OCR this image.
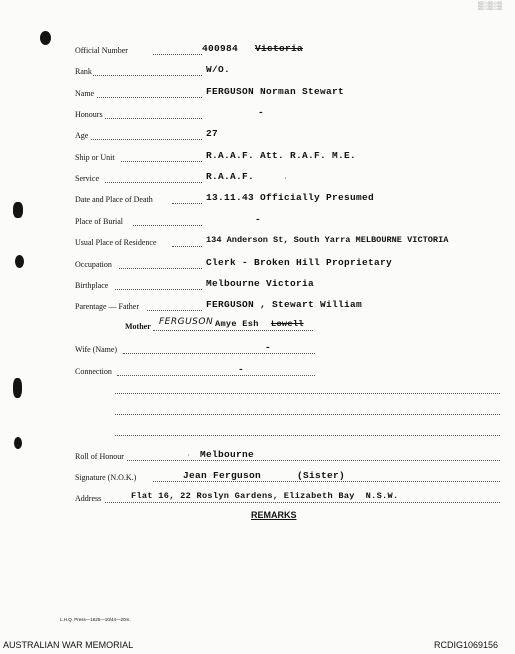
▒░▒░▒
Official Number	400984 Victoria
Rank	W/O.
Name	FERGUSON Norman Stewart
Honours	-
Age	27
Ship or Unit	R.A.A.F. Att. R.A.F. M.E.
Service	R.A.A.F.
Date and Place of Death	13.11.43 Officially Presumed
Place of Burial	-
Usual Place of Residence	134 Anderson St, South Yarra MELBOURNE VICTORIA
Occupation	Clerk - Broken Hill Proprietary
Birthplace	Melbourne Victoria
Parentage — Father	FERGUSON , Stewart William
Mother FERGUSON Amye Esh Lowell
Wife (Name)	-
Connection	-
Roll of Honour	Melbourne
Signature (N.O.K.)	Jean Ferguson      (Sister)
Address	Flat 16, 22 Roslyn Gardens, Elizabeth Bay  N.S.W.
REMARKS
ʹ
ʹ
L.H.Q. Press—1625—10/44—20m.
AUSTRALIAN WAR MEMORIAL	RCDIG1069156
